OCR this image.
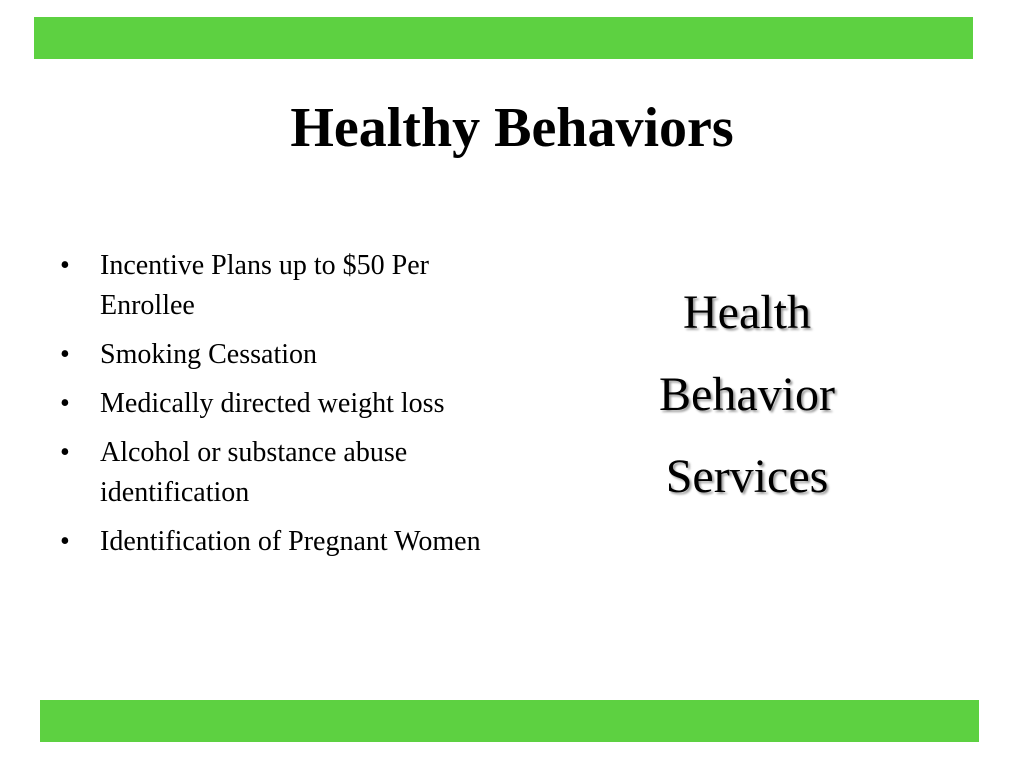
Healthy Behaviors
•	Incentive Plans up to $50 Per Enrollee
•	Smoking Cessation
•	Medically directed weight loss
•	Alcohol or substance abuse identification
•	Identification of Pregnant Women
Health
Behavior
Services
